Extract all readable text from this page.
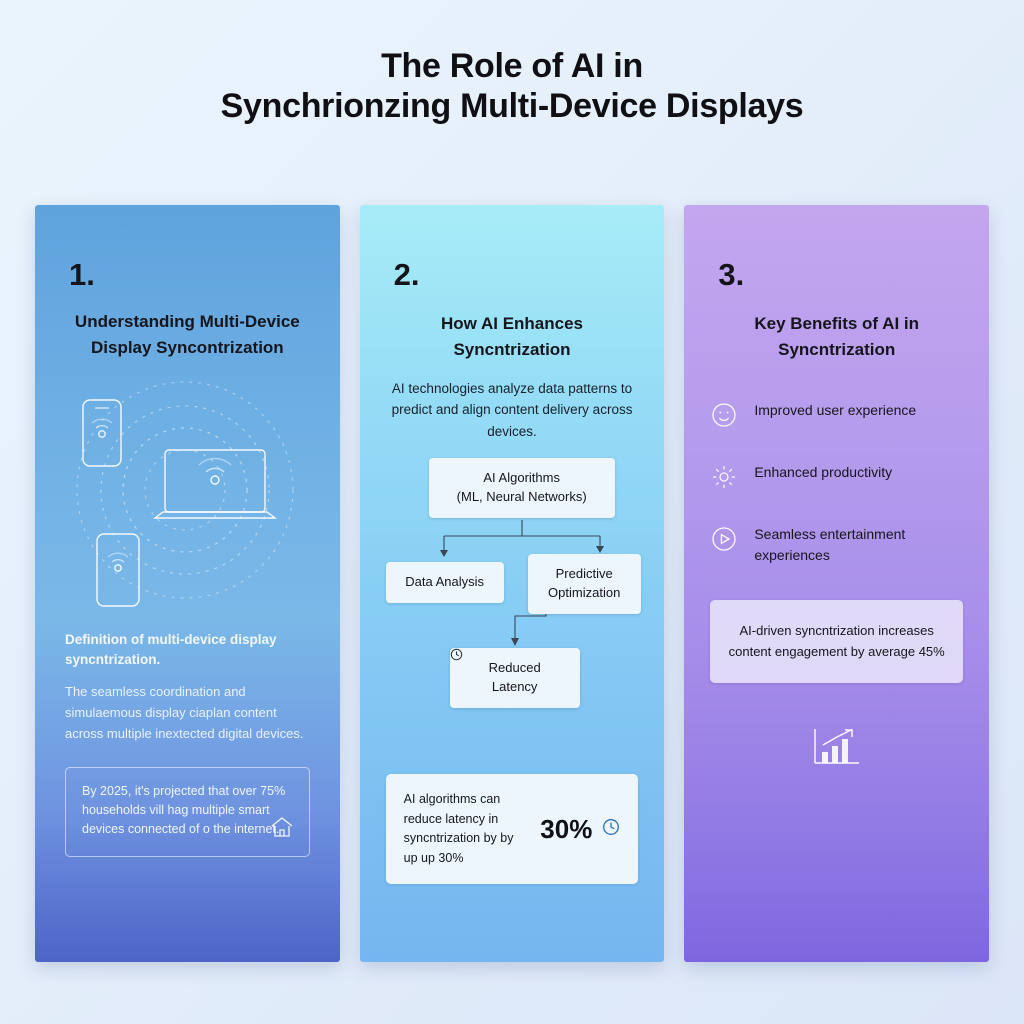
The Role of AI in
Synchrionzing Multi-Device Displays
1.
Understanding Multi-Device Display Syncontrization
Definition of multi-device display syncntrization.
The seamless coordination and simulaemous display ciaplan content across multiple inextected digital devices.
By 2025, it's projected that over 75% households vill hag multiple smart devices connected of o the internet.
2.
How AI Enhances Syncntrization
AI technologies analyze data patterns to predict and align content delivery across devices.
AI Algorithms
(ML, Neural Networks)
Data Analysis
Predictive
Optimization
Reduced
Latency
AI algorithms can reduce latency in syncntrization by by up up 30%
30%
3.
Key Benefits of AI in Syncntrization
Improved user experience
Enhanced productivity
Seamless entertainment experiences
AI-driven syncntrization increases content engagement by average 45%
